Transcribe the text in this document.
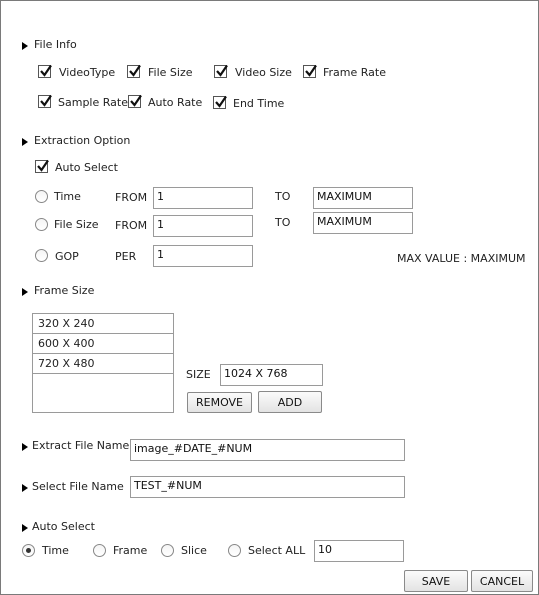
File Info
VideoType	File Size	Video Size	Frame Rate
Sample Rate Auto Rate	End Time
Extraction Option
Auto Select
Time	FROM 1	TO	MAXIMUM
File Size FROM 1	TO	MAXIMUM
GOP	PER	1	MAX VALUE : MAXIMUM
Frame Size
320 X 240
600 X 400
720 X 480
SIZE	1024 X 768
REMOVE	ADD
Extract File Name image_#DATE_#NUM
Select File Name TEST_#NUM
Auto Select
Time	Frame	Slice	Select ALL	10
SAVE	CANCEL
